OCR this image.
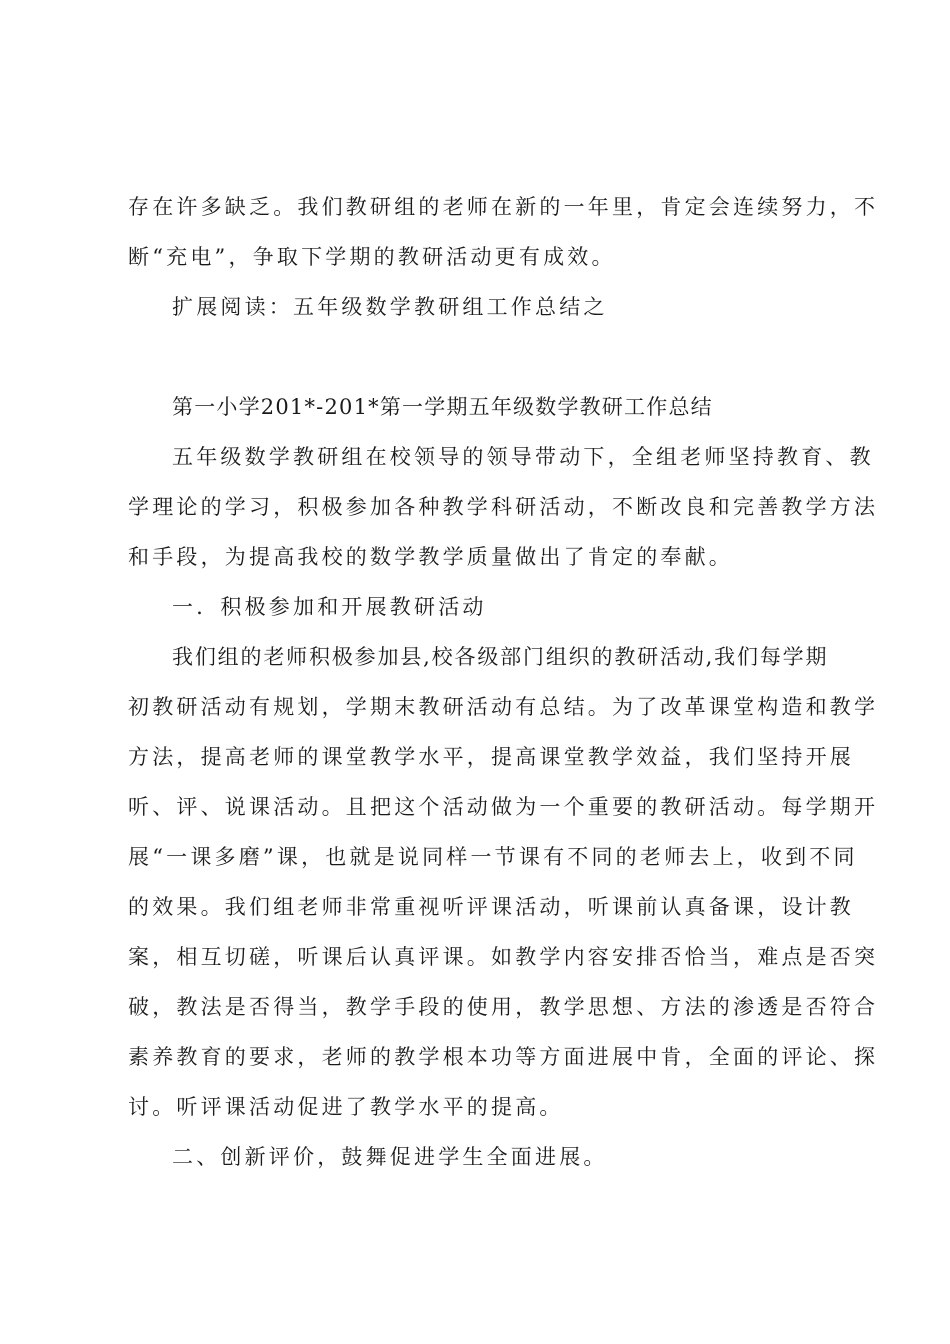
存在许多缺乏。我们教研组的老师在新的一年里，肯定会连续努力，不
断“充电”，争取下学期的教研活动更有成效。
扩展阅读：五年级数学教研组工作总结之
第一小学201*-201*第一学期五年级数学教研工作总结
五年级数学教研组在校领导的领导带动下，全组老师坚持教育、教
学理论的学习，积极参加各种教学科研活动，不断改良和完善教学方法
和手段，为提高我校的数学教学质量做出了肯定的奉献。
一．积极参加和开展教研活动
我们组的老师积极参加县,校各级部门组织的教研活动,我们每学期
初教研活动有规划，学期末教研活动有总结。为了改革课堂构造和教学
方法，提高老师的课堂教学水平，提高课堂教学效益，我们坚持开展
听、评、说课活动。且把这个活动做为一个重要的教研活动。每学期开
展“一课多磨”课，也就是说同样一节课有不同的老师去上，收到不同
的效果。我们组老师非常重视听评课活动，听课前认真备课，设计教
案，相互切磋，听课后认真评课。如教学内容安排否恰当，难点是否突
破，教法是否得当，教学手段的使用，教学思想、方法的渗透是否符合
素养教育的要求，老师的教学根本功等方面进展中肯，全面的评论、探
讨。听评课活动促进了教学水平的提高。
二、创新评价，鼓舞促进学生全面进展。
